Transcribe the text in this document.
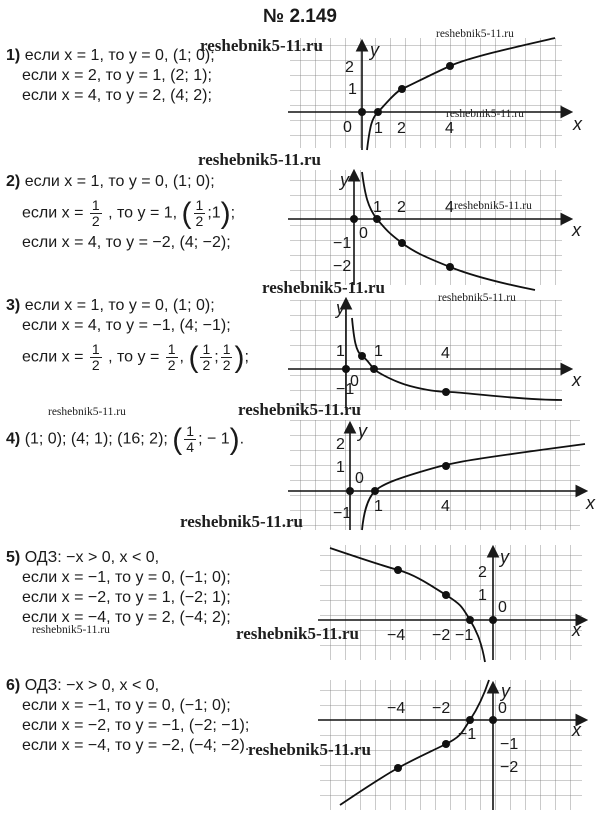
№ 2.149
1) если x = 1, то y = 0, (1; 0);
если x = 2, то y = 1, (2; 1);
если x = 4, то y = 2, (4; 2);
2) если x = 1, то y = 0, (1; 0);
если $x = \frac{1}{2}$ , то y = 1, ( $\frac{1}{2}$ ;1);
если x = 4, то y = −2, (4; −2);
3) если x = 1, то y = 0, (1; 0);
если x = 4, то y = −1, (4; −1);
если $x = \frac{1}{2}$ , то $y = \frac{1}{2}$ , ( $\frac{1}{2}$ ; $\frac{1}{2}$ );
4) (1; 0); (4; 1); (16; 2); ( $\frac{1}{4}$ ; − 1).
5) ОДЗ: −x > 0, x < 0,
если x = −1, то y = 0, (−1; 0);
если x = −2, то y = 1, (−2; 1);
если x = −4, то y = 2, (−4; 2);
6) ОДЗ: −x > 0, x < 0,
если x = −1, то y = 0, (−1; 0);
если x = −2, то y = −1, (−2; −1);
если x = −4, то y = −2, (−4; −2).
x
y
0 1 2 4
1
2
x
y
0
1 2 4
−1
−2
x
y
0
1	4
1
−1
x
y
0
1	4
1
2
−1
x
y
0
−4 −2 −1
1
2
x
y
0
−4 −2
−1
−1
−2
reshebnik5-11.ru
reshebnik5-11.ru
reshebnik5-11.ru
reshebnik5-11.ru
reshebnik5-11.ru
reshebnik5-11.ru
reshebnik5-11.ru
reshebnik5-11.ru	reshebnik5-11.ru
reshebnik5-11.ru
reshebnik5-11.ru	reshebnik5-11.ru
reshebnik5-11.ru
